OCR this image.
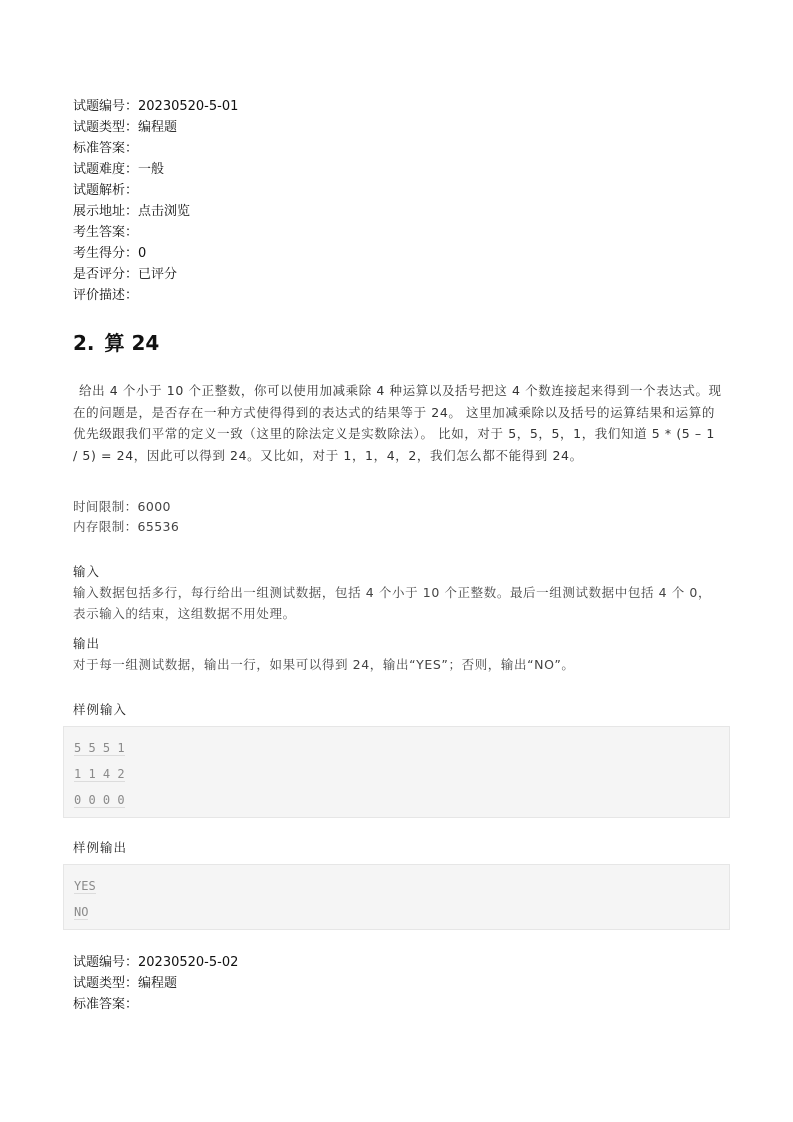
试题编号：20230520-5-01
试题类型：编程题
标准答案：
试题难度：一般
试题解析：
展示地址：点击浏览
考生答案：
考生得分：0
是否评分：已评分
评价描述：
2. 算 24
给出 4 个小于 10 个正整数，你可以使用加减乘除 4 种运算以及括号把这 4 个数连接起来得到一个表达式。现在的问题是，是否存在一种方式使得得到的表达式的结果等于 24。 这里加减乘除以及括号的运算结果和运算的优先级跟我们平常的定义一致（这里的除法定义是实数除法）。 比如，对于 5，5，5，1，我们知道 5 * (5 – 1 / 5) = 24，因此可以得到 24。又比如，对于 1，1，4，2，我们怎么都不能得到 24。
时间限制：6000
内存限制：65536
输入
输入数据包括多行，每行给出一组测试数据，包括 4 个小于 10 个正整数。最后一组测试数据中包括 4 个 0，表示输入的结束，这组数据不用处理。
输出
对于每一组测试数据，输出一行，如果可以得到 24，输出“YES”；否则，输出“NO”。
样例输入
5 5 5 1
1 1 4 2
0 0 0 0
样例输出
YES
NO
试题编号：20230520-5-02
试题类型：编程题
标准答案：
